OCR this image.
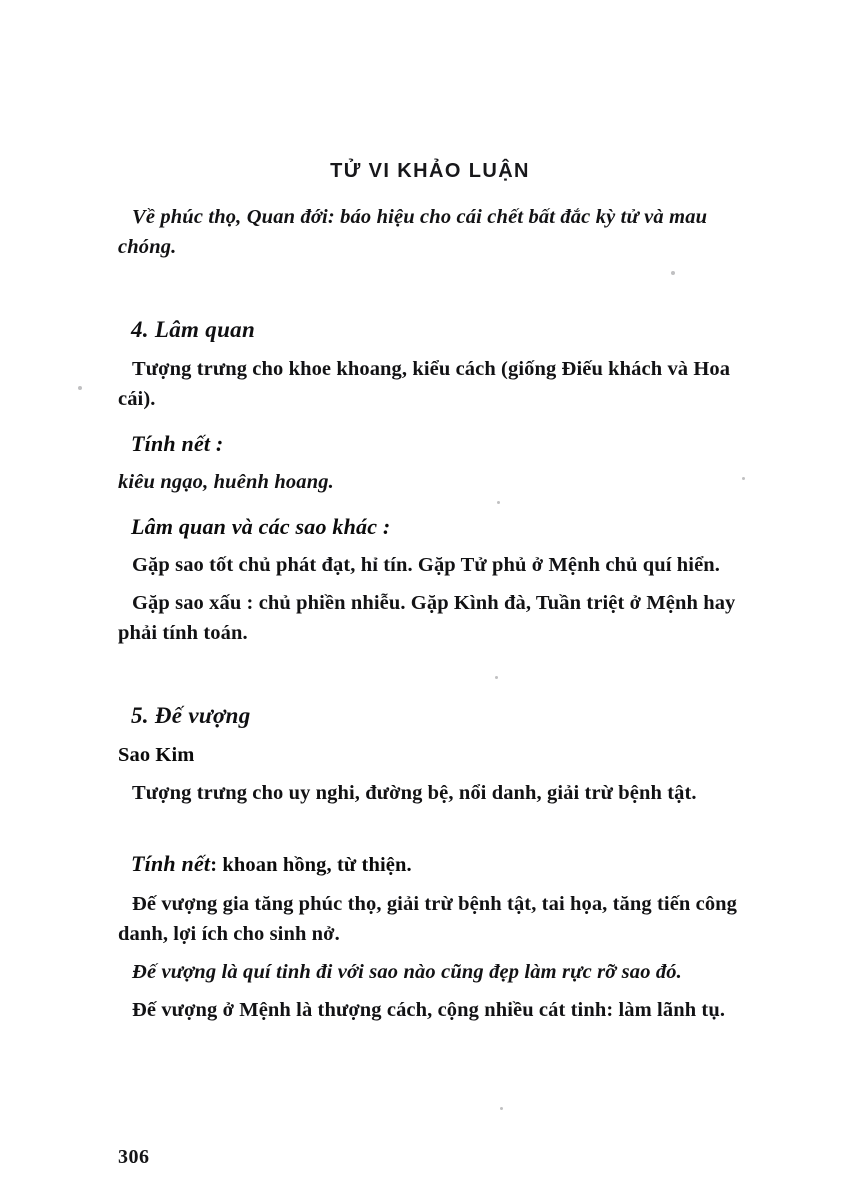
TỬ VI KHẢO LUẬN

Về phúc thọ, Quan đới: báo hiệu cho cái chết bất đắc kỳ tử và mau chóng.

4. Lâm quan

Tượng trưng cho khoe khoang, kiểu cách (giống Điếu khách và Hoa cái).

Tính nết :

kiêu ngạo, huênh hoang.

Lâm quan và các sao khác :

Gặp sao tốt chủ phát đạt, hỉ tín. Gặp Tử phủ ở Mệnh chủ quí hiển.

Gặp sao xấu : chủ phiền nhiễu. Gặp Kình đà, Tuần triệt ở Mệnh hay phải tính toán.

5. Đế vượng

Sao Kim

Tượng trưng cho uy nghi, đường bệ, nổi danh, giải trừ bệnh tật.

Tính nết: khoan hồng, từ thiện.

Đế vượng gia tăng phúc thọ, giải trừ bệnh tật, tai họa, tăng tiến công danh, lợi ích cho sinh nở.

Đế vượng là quí tinh đi với sao nào cũng đẹp làm rực rỡ sao đó.

Đế vượng ở Mệnh là thượng cách, cộng nhiều cát tinh: làm lãnh tụ.

306
